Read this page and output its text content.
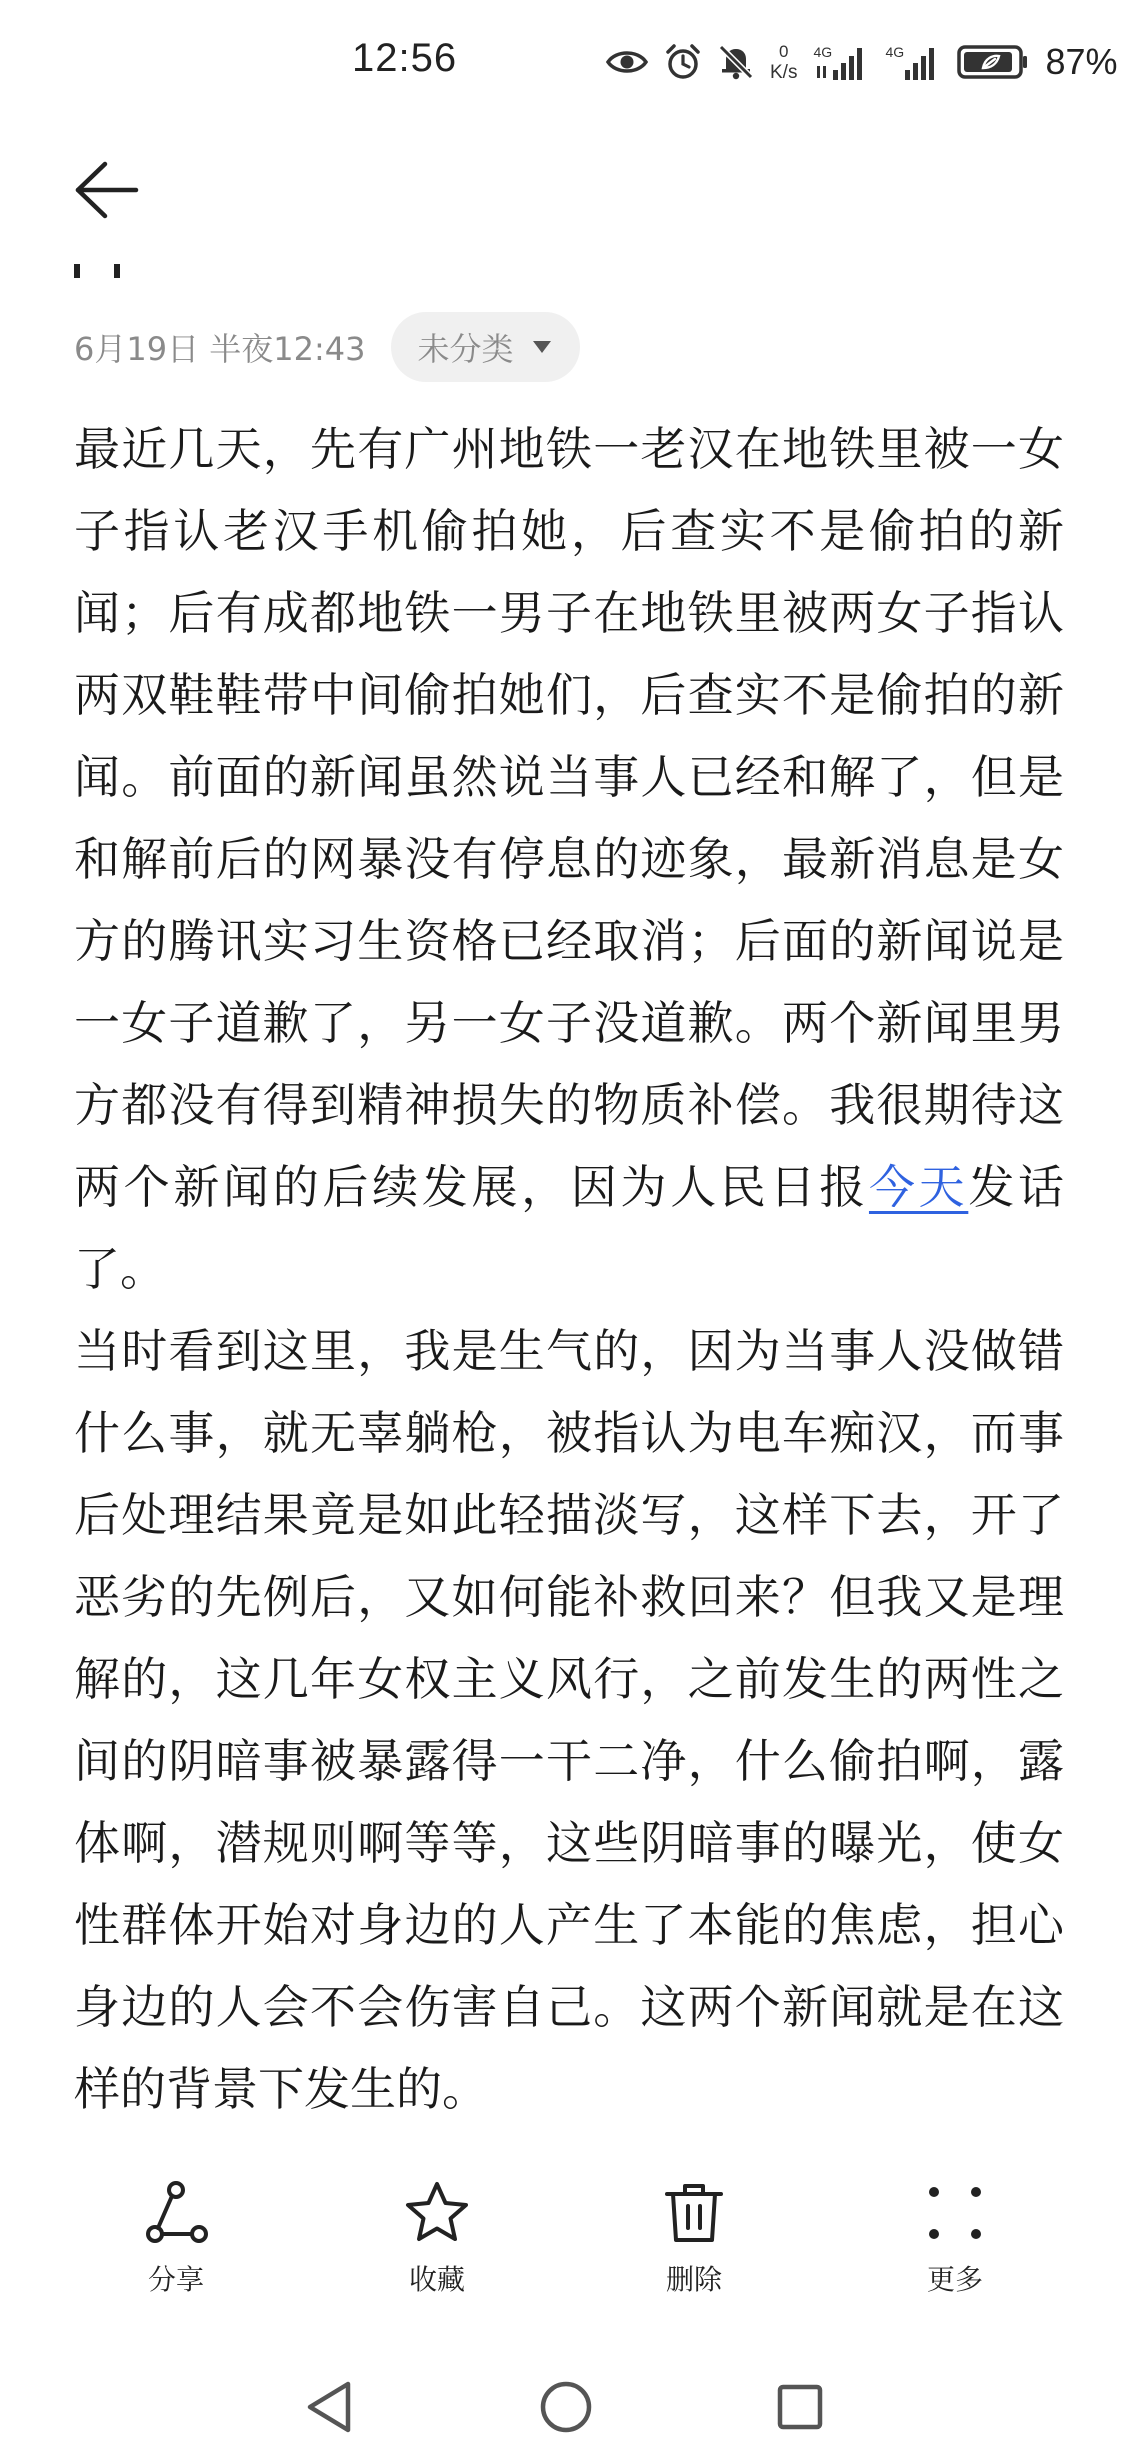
12:56	0
K/s
4G	4G	87%
6月19日 半夜12:43 未分类

最近几天，先有广州地铁一老汉在地铁里被一女子指认老汉手机偷拍她，后查实不是偷拍的新闻；后有成都地铁一男子在地铁里被两女子指认两双鞋鞋带中间偷拍她们，后查实不是偷拍的新闻。前面的新闻虽然说当事人已经和解了，但是和解前后的网暴没有停息的迹象，最新消息是女方的腾讯实习生资格已经取消；后面的新闻说是一女子道歉了，另一女子没道歉。两个新闻里男方都没有得到精神损失的物质补偿。我很期待这两个新闻的后续发展，因为人民日报今天发话了。

当时看到这里，我是生气的，因为当事人没做错什么事，就无辜躺枪，被指认为电车痴汉，而事后处理结果竟是如此轻描淡写，这样下去，开了恶劣的先例后，又如何能补救回来？但我又是理解的，这几年女权主义风行，之前发生的两性之间的阴暗事被暴露得一干二净，什么偷拍啊，露体啊，潜规则啊等等，这些阴暗事的曝光，使女性群体开始对身边的人产生了本能的焦虑，担心身边的人会不会伤害自己。这两个新闻就是在这样的背景下发生的。

分享	收藏	删除	更多
